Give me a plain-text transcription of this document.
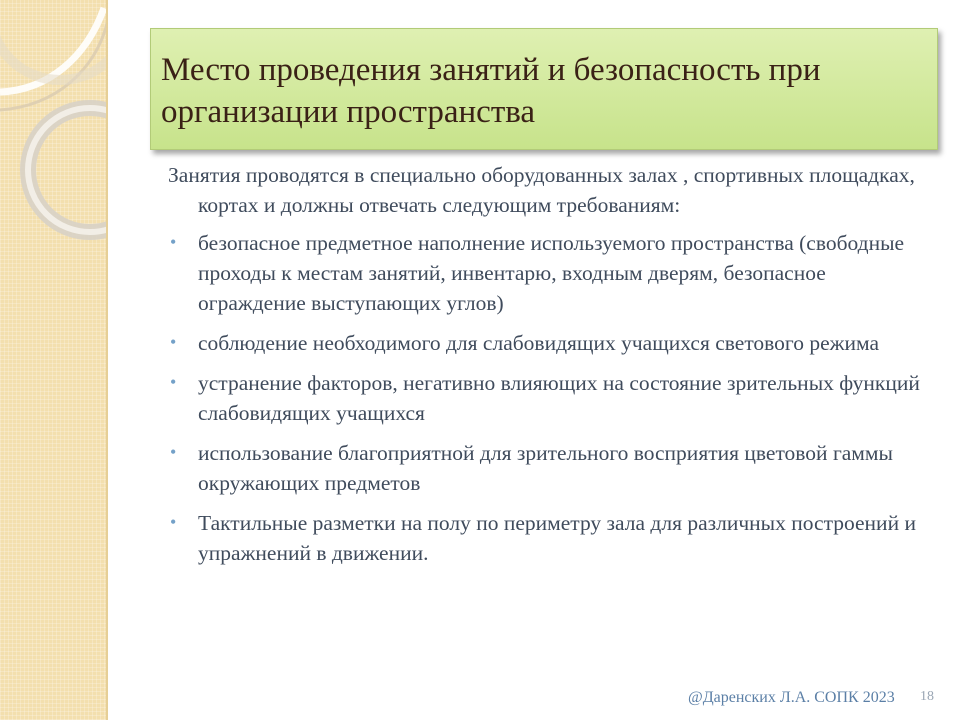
Место проведения занятий и безопасность при организации пространства

Занятия проводятся в специально оборудованных залах , спортивных площадках, кортах и должны отвечать следующим требованиям:

• безопасное предметное наполнение используемого пространства (свободные проходы к местам занятий, инвентарю, входным дверям, безопасное ограждение выступающих углов)
• соблюдение необходимого для слабовидящих учащихся светового режима
• устранение факторов, негативно влияющих на состояние зрительных функций слабовидящих учащихся
• использование благоприятной для зрительного восприятия цветовой гаммы окружающих предметов
• Тактильные разметки на полу по периметру зала для различных построений и упражнений в движении.
@Даренских Л.А. СОПК 2023 18
